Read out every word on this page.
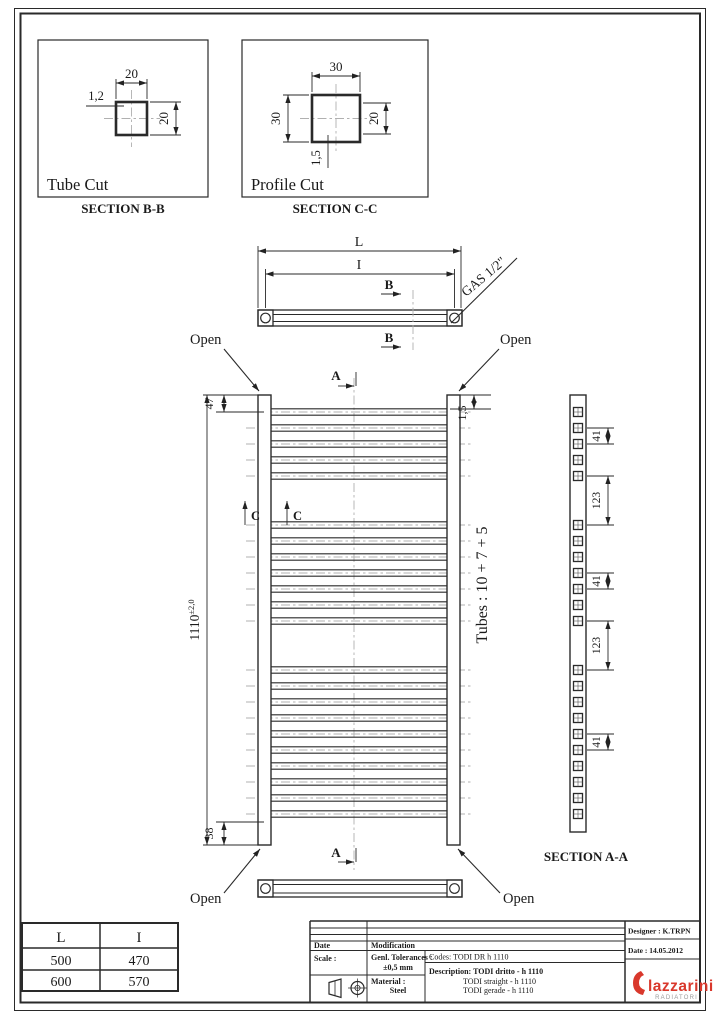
20
20
1,2
Tube Cut
SECTION B-B
30
30	20
1,5
Profile Cut
SECTION C-C
L
I
B
B
GAS 1/2"
47
$1110^{\pm 2,0}$
38
1,5
Open	Open
Open	Open
A
A
C	C
Tubes : 10 + 7 + 5
41
123
41
123
41
SECTION A-A
L	I
500	470
600	570
Date	Modification
Scale :	Genl. Tolerances :
±0,5 mm
Material :
Steel
Codes: TODI DR h 1110
Description: TODI dritto - h 1110
TODI straight - h 1110
TODI gerade - h 1110
Designer : K.TRPN
Date : 14.05.2012
lazzarini
RADIATORI
